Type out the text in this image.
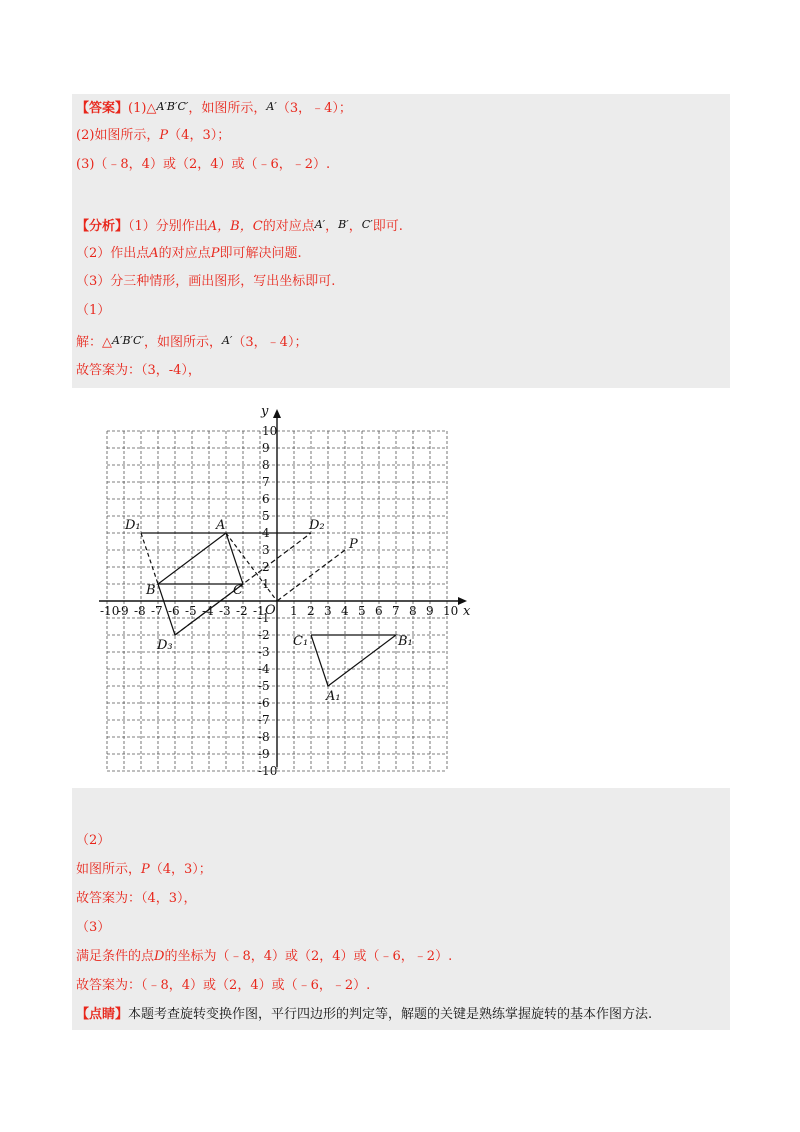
【答案】(1)△A′B′C′，如图所示，A′（3，﹣4）；
(2)如图所示，P（4，3）；
(3)（﹣8，4）或（2，4）或（﹣6，﹣2）.
【分析】（1）分别作出A，B，C的对应点A′，B′，C′即可.
（2）作出点A的对应点P即可解决问题.
（3）分三种情形，画出图形，写出坐标即可.
（1）
解：△A′B′C′，如图所示，A′（3，﹣4）；
故答案为：（3，-4），
x
y
-10
-9 -8 -7 -6 -5 -4 -3 -2 -1 1 2 3 4 5 6 7 8 9 10
10
9
8
7
6
5
4
3
2
1
-1
-2
-3
-4
-5
-6
-7
-8
-9
-10
D₁	D₂
D₃
A
B	C
O
P
A₁
B₁
C₁
（2）
如图所示，P（4，3）；
故答案为：（4，3），
（3）
满足条件的点D的坐标为（﹣8，4）或（2，4）或（﹣6，﹣2）.
故答案为：（﹣8，4）或（2，4）或（﹣6，﹣2）.
【点睛】本题考查旋转变换作图，平行四边形的判定等，解题的关键是熟练掌握旋转的基本作图方法.
